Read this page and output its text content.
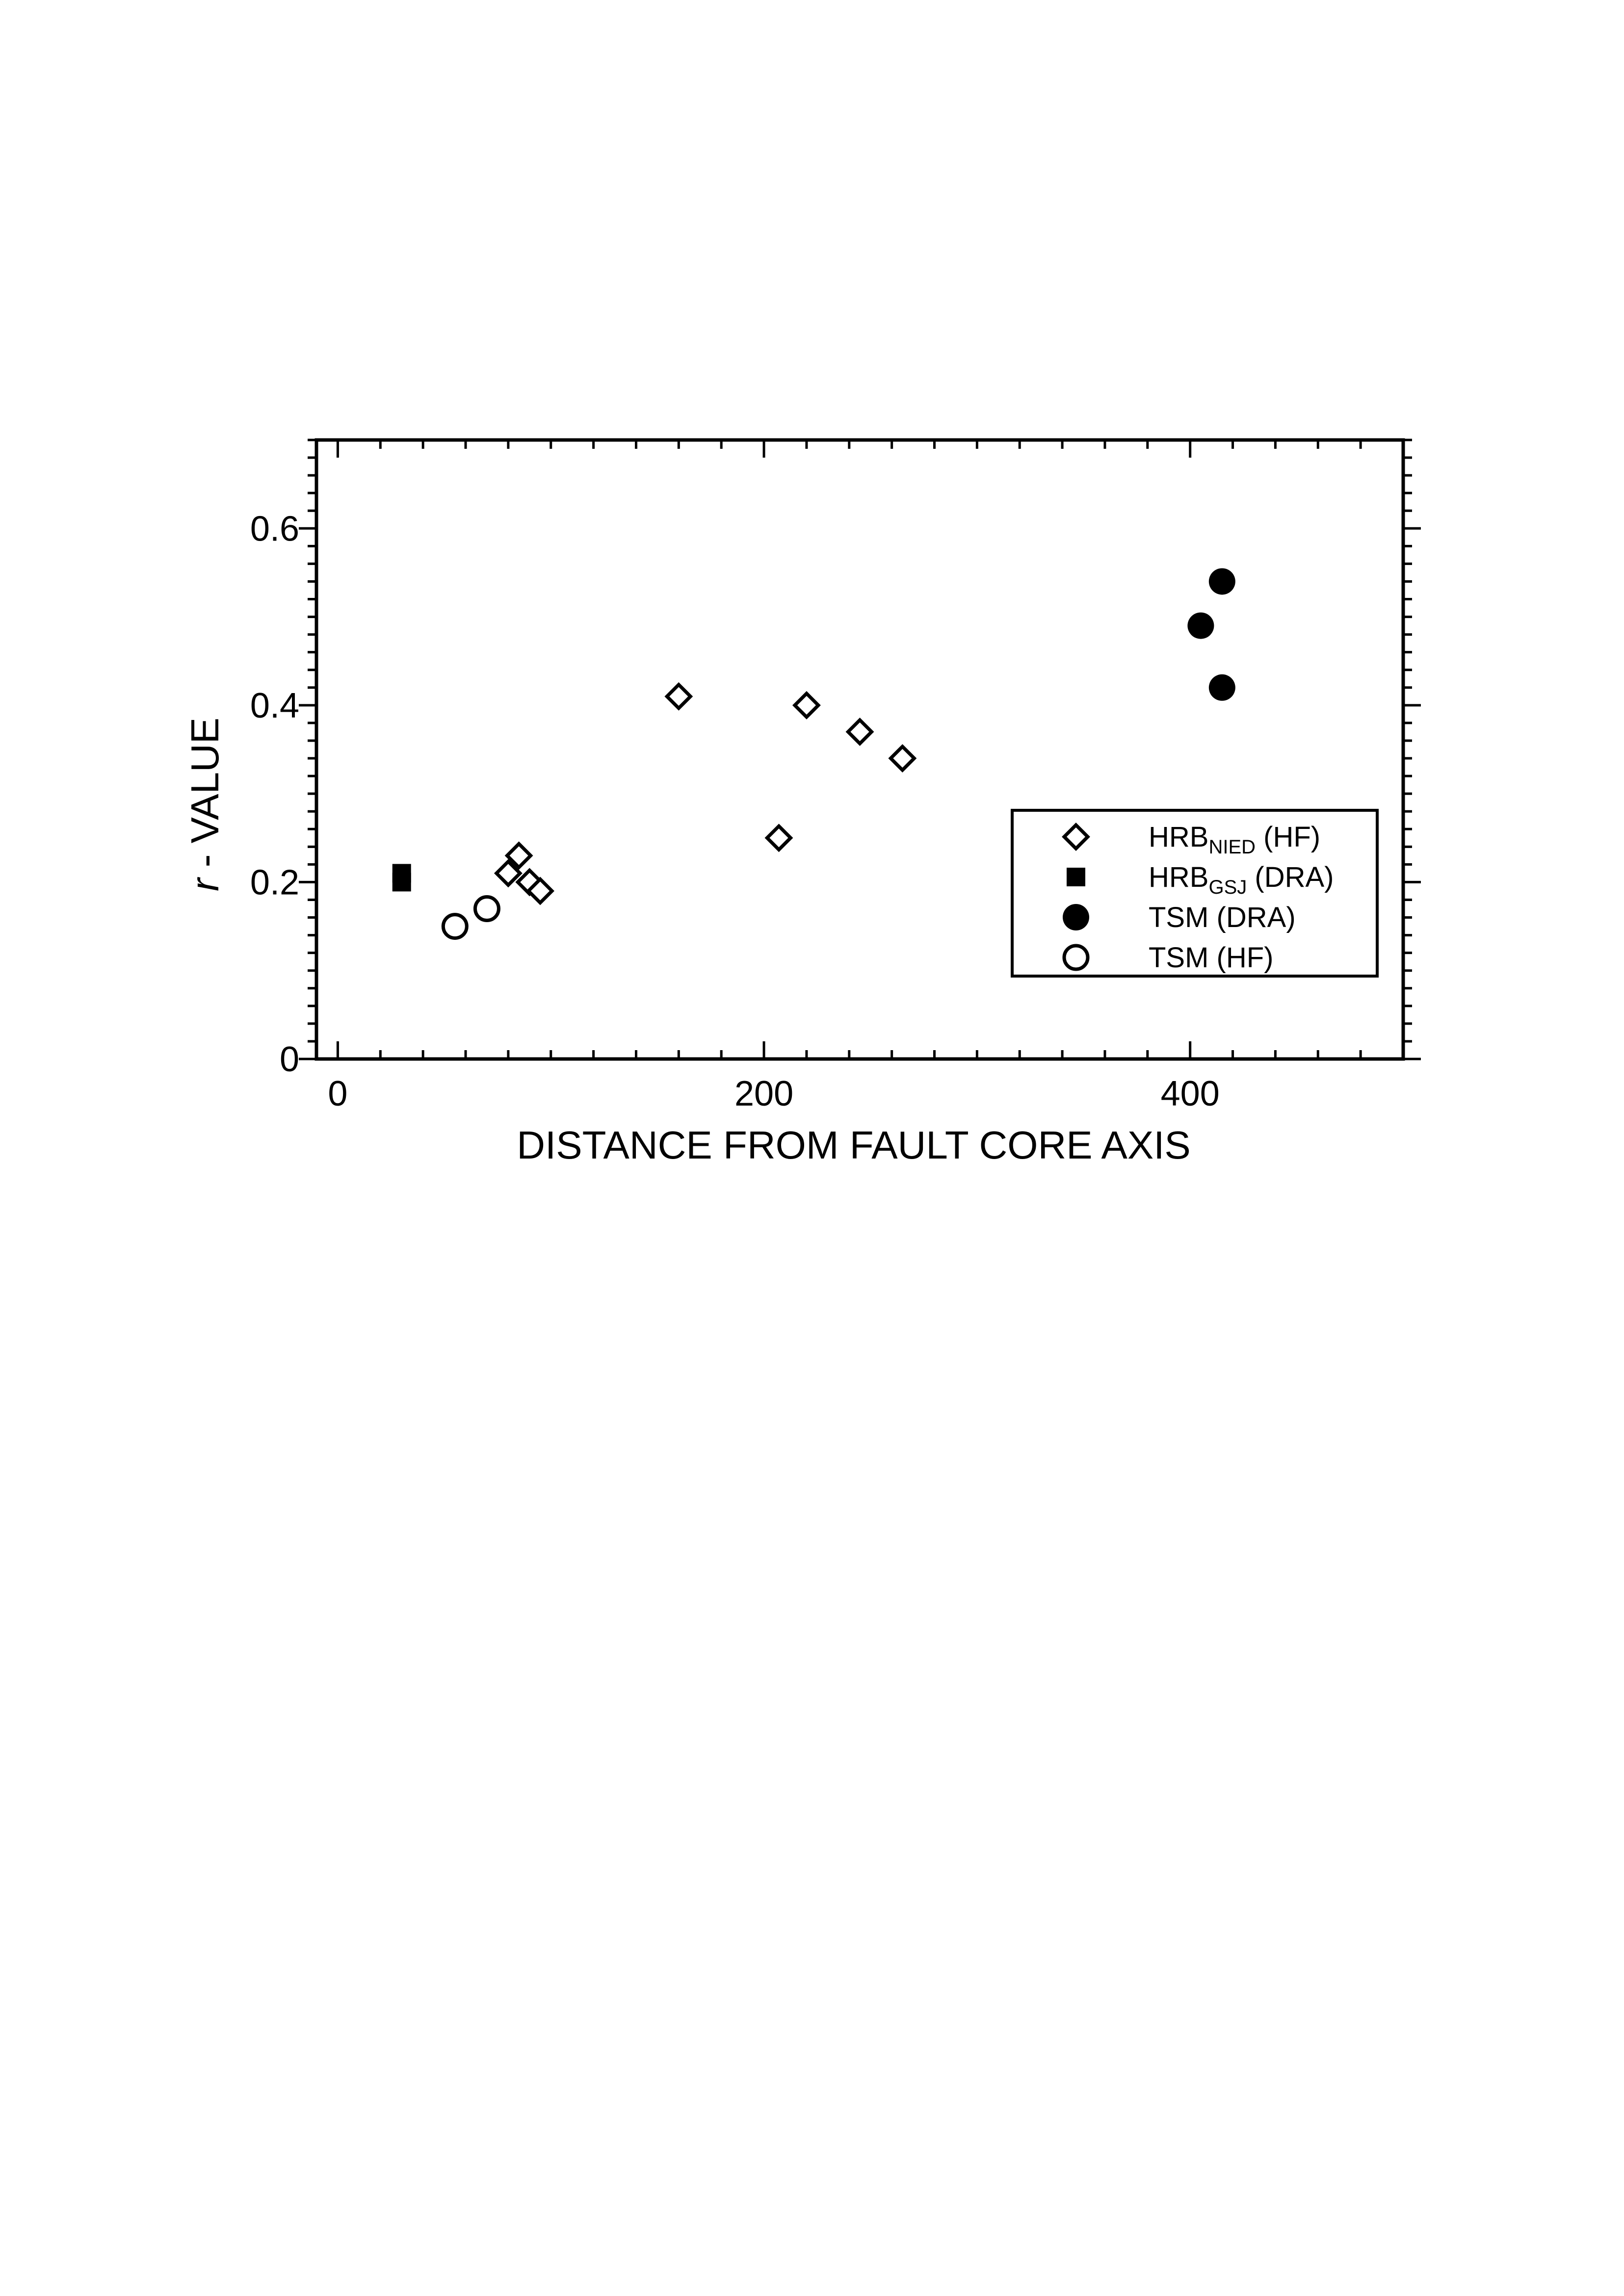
0	200	400
0
0.2
0.4
0.6
DISTANCE FROM FAULT CORE AXIS
r - VALUE	$HRB_{NIED}$ (HF)
$HRB_{GSJ}$ (DRA)
TSM (DRA)
TSM (HF)
